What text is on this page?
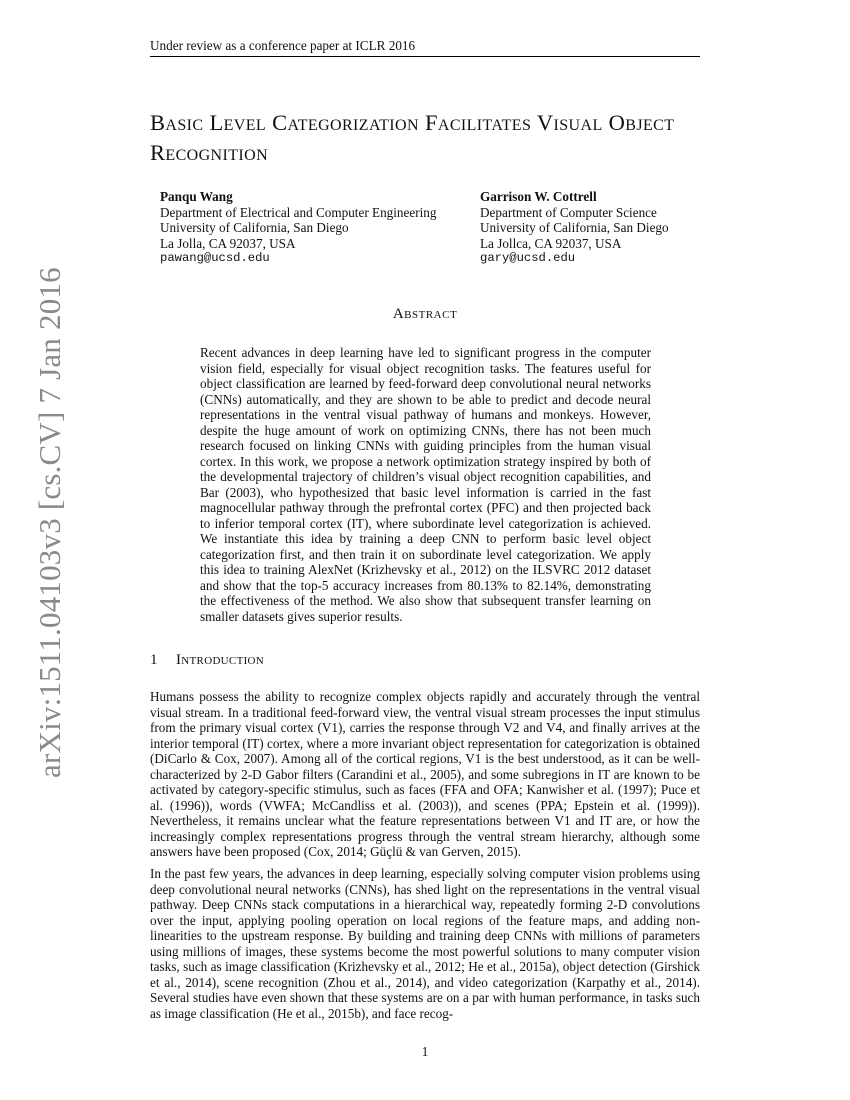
Under review as a conference paper at ICLR 2016
arXiv:1511.04103v3 [cs.CV] 7 Jan 2016
Basic Level Categorization Facilitates Visual Object Recognition
Panqu Wang
Department of Electrical and Computer Engineering
University of California, San Diego
La Jolla, CA 92037, USA
pawang@ucsd.edu
Garrison W. Cottrell
Department of Computer Science
University of California, San Diego
La Jollca, CA 92037, USA
gary@ucsd.edu
Abstract
Recent advances in deep learning have led to significant progress in the computer vision field, especially for visual object recognition tasks. The features useful for object classification are learned by feed-forward deep convolutional neural networks (CNNs) automatically, and they are shown to be able to predict and decode neural representations in the ventral visual pathway of humans and monkeys. However, despite the huge amount of work on optimizing CNNs, there has not been much research focused on linking CNNs with guiding principles from the human visual cortex. In this work, we propose a network optimization strategy inspired by both of the developmental trajectory of children’s visual object recognition capabilities, and Bar (2003), who hypothesized that basic level information is carried in the fast magnocellular pathway through the prefrontal cortex (PFC) and then projected back to inferior temporal cortex (IT), where subordinate level categorization is achieved. We instantiate this idea by training a deep CNN to perform basic level object categorization first, and then train it on subordinate level categorization. We apply this idea to training AlexNet (Krizhevsky et al., 2012) on the ILSVRC 2012 dataset and show that the top-5 accuracy increases from 80.13% to 82.14%, demonstrating the effectiveness of the method. We also show that subsequent transfer learning on smaller datasets gives superior results.
1 Introduction

Humans possess the ability to recognize complex objects rapidly and accurately through the ventral visual stream. In a traditional feed-forward view, the ventral visual stream processes the input stimulus from the primary visual cortex (V1), carries the response through V2 and V4, and finally arrives at the interior temporal (IT) cortex, where a more invariant object representation for categorization is obtained (DiCarlo & Cox, 2007). Among all of the cortical regions, V1 is the best understood, as it can be well-characterized by 2-D Gabor filters (Carandini et al., 2005), and some subregions in IT are known to be activated by category-specific stimulus, such as faces (FFA and OFA; Kanwisher et al. (1997); Puce et al. (1996)), words (VWFA; McCandliss et al. (2003)), and scenes (PPA; Epstein et al. (1999)). Nevertheless, it remains unclear what the feature representations between V1 and IT are, or how the increasingly complex representations progress through the ventral stream hierarchy, although some answers have been proposed (Cox, 2014; Güçlü & van Gerven, 2015).

In the past few years, the advances in deep learning, especially solving computer vision problems using deep convolutional neural networks (CNNs), has shed light on the representations in the ventral visual pathway. Deep CNNs stack computations in a hierarchical way, repeatedly forming 2-D convolutions over the input, applying pooling operation on local regions of the feature maps, and adding non-linearities to the upstream response. By building and training deep CNNs with millions of parameters using millions of images, these systems become the most powerful solutions to many computer vision tasks, such as image classification (Krizhevsky et al., 2012; He et al., 2015a), object detection (Girshick et al., 2014), scene recognition (Zhou et al., 2014), and video categorization (Karpathy et al., 2014). Several studies have even shown that these systems are on a par with human performance, in tasks such as image classification (He et al., 2015b), and face recog-

1
